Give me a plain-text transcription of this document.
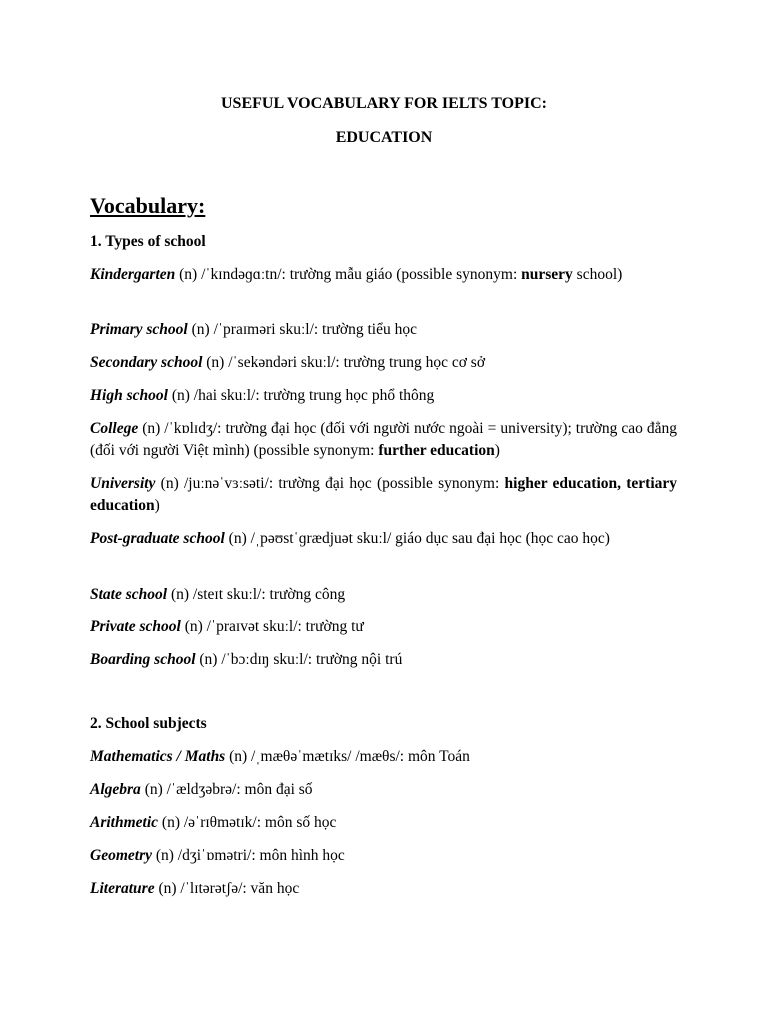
USEFUL VOCABULARY FOR IELTS TOPIC:
EDUCATION
Vocabulary:
1. Types of school
Kindergarten (n) /ˈkɪndəɡɑːtn/: trường mẫu giáo (possible synonym: nursery school)
Primary school (n) /ˈpraɪməri skuːl/: trường tiểu học
Secondary school (n) /ˈsekəndəri skuːl/: trường trung học cơ sở
High school (n) /hai skuːl/: trường trung học phổ thông
College (n) /ˈkɒlɪdʒ/: trường đại học (đối với người nước ngoài = university); trường cao đẳng (đối với người Việt mình) (possible synonym: further education)
University (n) /juːnəˈvɜːsəti/: trường đại học (possible synonym: higher education, tertiary education)
Post-graduate school (n) /ˌpəʊstˈɡrædjuət skuːl/ giáo dục sau đại học (học cao học)
State school (n) /steɪt skuːl/: trường công
Private school (n) /ˈpraɪvət skuːl/: trường tư
Boarding school (n) /ˈbɔːdɪŋ skuːl/: trường nội trú
2. School subjects
Mathematics / Maths (n) /ˌmæθəˈmætɪks/ /mæθs/: môn Toán
Algebra (n) /ˈældʒəbrə/: môn đại số
Arithmetic (n) /əˈrɪθmətɪk/: môn số học
Geometry (n) /dʒiˈɒmətri/: môn hình học
Literature (n) /ˈlɪtərətʃə/: văn học
